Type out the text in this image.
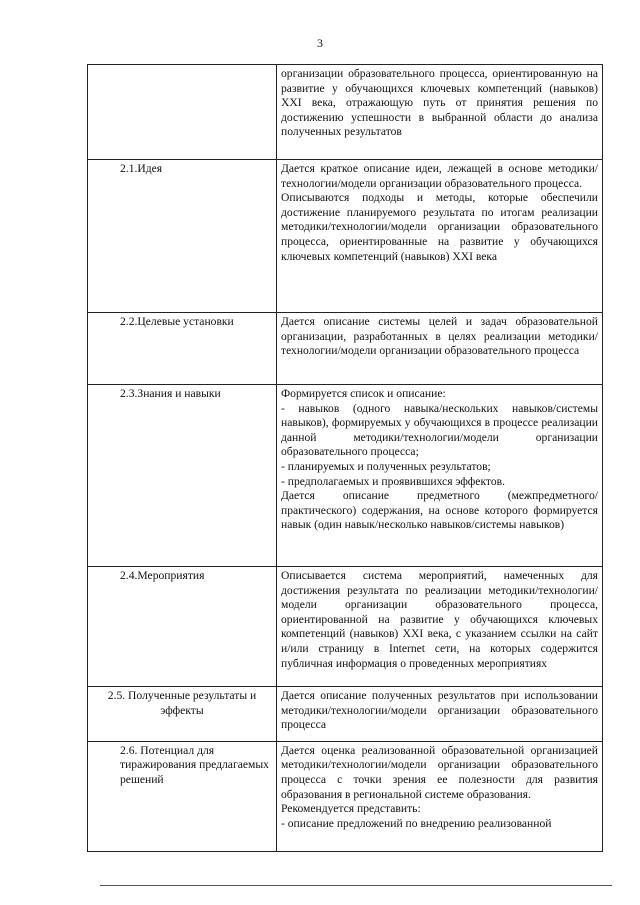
3

	организации образовательного процесса, ориентированную на развитие у обучающихся ключевых компетенций (навыков) XXI века, отражающую путь от принятия решения по достижению успешности в выбранной области до анализа полученных результатов

2.1.Идея	Дается краткое описание идеи, лежащей в основе методики/технологии/модели организации образовательного процесса.

Описываются подходы и методы, которые обеспечили достижение планируемого результата по итогам реализации методики/технологии/модели организации образовательного процесса, ориентированные на развитие у обучающихся ключевых компетенций (навыков) XXI века

2.2.Целевые установки	Дается описание системы целей и задач образовательной организации, разработанных в целях реализации методики/технологии/модели организации образовательного процесса

2.3.Знания и навыки	Формируется список и описание:

- навыков (одного навыка/нескольких навыков/системы навыков), формируемых у обучающихся в процессе реализации данной методики/технологии/модели организации образовательного процесса;

- планируемых и полученных результатов;

- предполагаемых и проявившихся эффектов.

Дается описание предметного (межпредметного/практического) содержания, на основе которого формируется навык (один навык/несколько навыков/системы навыков)

2.4.Мероприятия	Описывается система мероприятий, намеченных для достижения результата по реализации методики/технологии/модели организации образовательного процесса, ориентированной на развитие у обучающихся ключевых компетенций (навыков) XXI века, с указанием ссылки на сайт и/или страницу в Internet сети, на которых содержится публичная информация о проведенных мероприятиях

2.5. Полученные результаты и эффекты	Дается описание полученных результатов при использовании методики/технологии/модели организации образовательного процесса

2.6. Потенциал для тиражирования предлагаемых решений	Дается оценка реализованной образовательной организацией методики/технологии/модели организации образовательного процесса с точки зрения ее полезности для развития образования в региональной системе образования.

Рекомендуется представить:

- описание предложений по внедрению реализованной
